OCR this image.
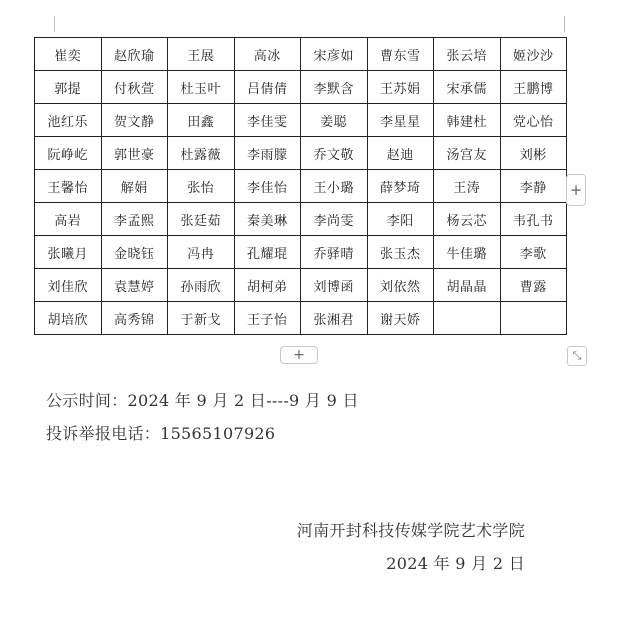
崔奕	赵欣瑜	王展	高冰	宋彦如	曹东雪	张云培	姬沙沙
郭提	付秋萱	杜玉叶	吕倩倩	李默含	王苏娟	宋承儒	王鹏博
池红乐	贺文静	田鑫	李佳雯	姜聪	李星星	韩建杜	党心怡
阮峥屹	郭世豪	杜露薇	李雨朦	乔文敬	赵迪	汤宫友	刘彬
王馨怡	解娟	张怡	李佳怡	王小璐	薛梦琦	王涛	李静
高岩	李孟熙	张廷茹	秦美琳	李尚雯	李阳	杨云芯	韦孔书
张曦月	金晓钰	冯冉	孔耀琨	乔驿晴	张玉杰	牛佳璐	李歌
刘佳欣	袁慧婷	孙雨欣	胡柯弟	刘博函	刘依然	胡晶晶	曹露
胡培欣	高秀锦	于新戈	王子怡	张湘君	谢天娇		
+
+	⤡
公示时间：2024 年 9 月 2 日----9 月 9 日
投诉举报电话：15565107926
河南开封科技传媒学院艺术学院
2024 年 9 月 2 日
